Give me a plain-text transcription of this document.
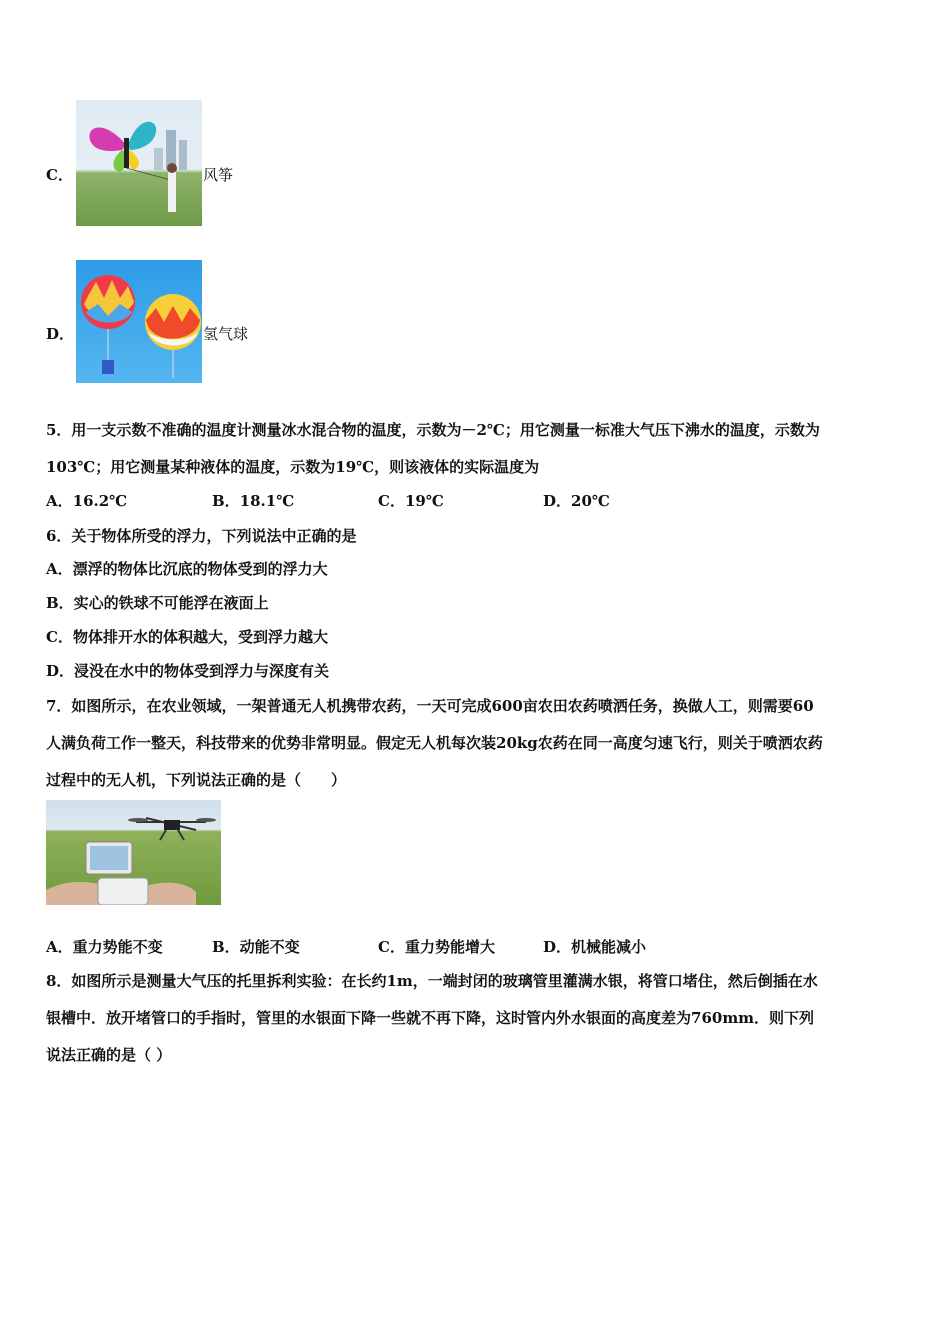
C．	风筝
D．	氢气球
5．用一支示数不准确的温度计测量冰水混合物的温度，示数为－2℃；用它测量一标准大气压下沸水的温度，示数为
103℃；用它测量某种液体的温度，示数为19℃，则该液体的实际温度为
A．16.2℃	B．18.1℃	C．19℃	D．20℃
6．关于物体所受的浮力，下列说法中正确的是
A．漂浮的物体比沉底的物体受到的浮力大
B．实心的铁球不可能浮在液面上
C．物体排开水的体积越大，受到浮力越大
D．浸没在水中的物体受到浮力与深度有关
7．如图所示，在农业领域，一架普通无人机携带农药，一天可完成600亩农田农药喷洒任务，换做人工，则需要60
人满负荷工作一整天，科技带来的优势非常明显。假定无人机每次装20kg农药在同一高度匀速飞行，则关于喷洒农药
过程中的无人机，下列说法正确的是（　　）
A．重力势能不变	B．动能不变	C．重力势能增大	D．机械能减小
8．如图所示是测量大气压的托里拆利实验：在长约1m，一端封闭的玻璃管里灌满水银，将管口堵住，然后倒插在水
银槽中．放开堵管口的手指时，管里的水银面下降一些就不再下降，这时管内外水银面的高度差为760mm．则下列
说法正确的是（ ）
